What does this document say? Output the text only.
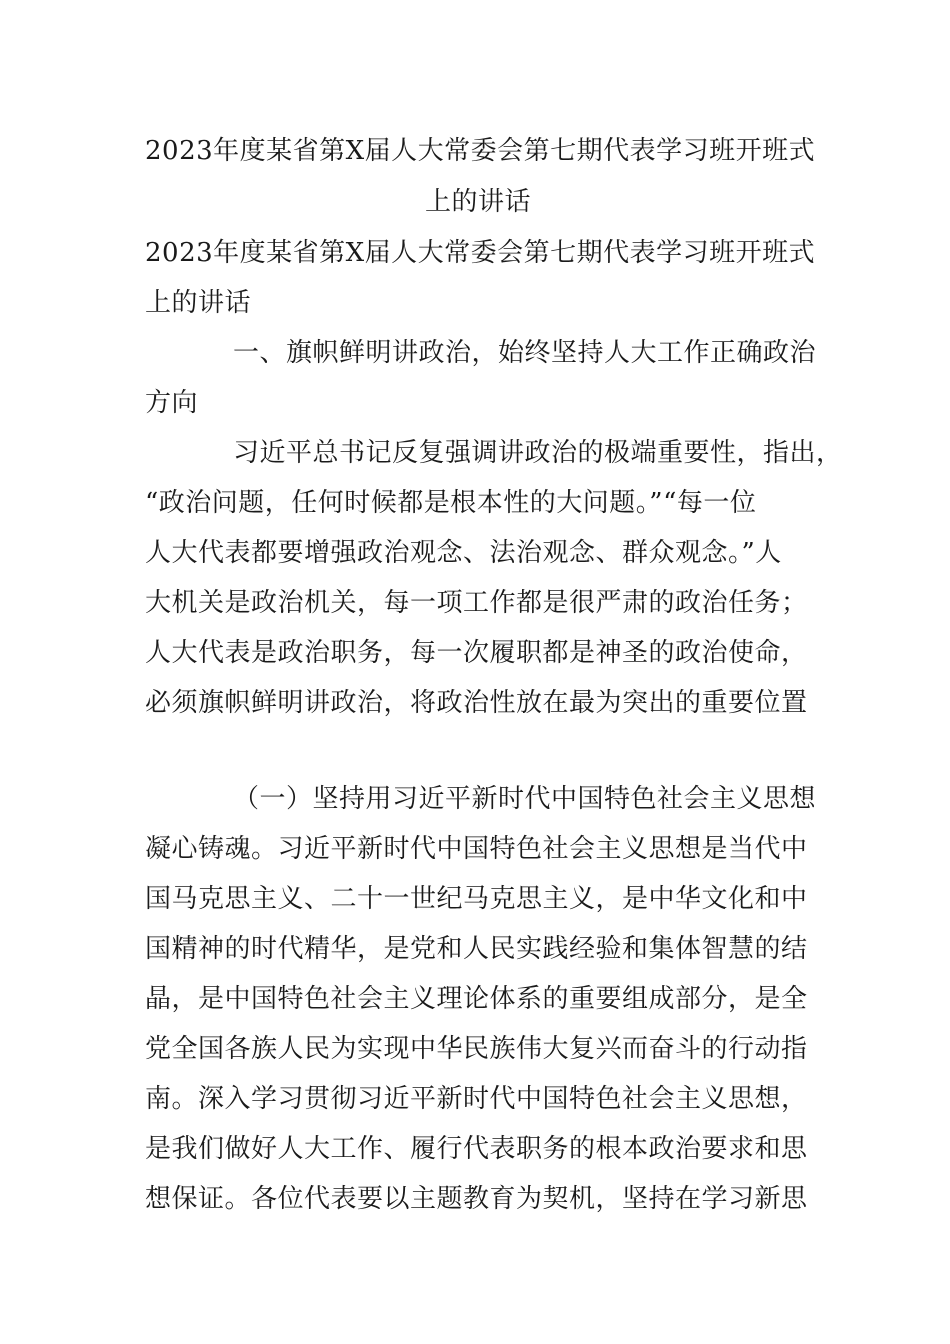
2023年度某省第X届人大常委会第七期代表学习班开班式
上的讲话
2023年度某省第X届人大常委会第七期代表学习班开班式
上的讲话
一、旗帜鲜明讲政治，始终坚持人大工作正确政治
方向
习近平总书记反复强调讲政治的极端重要性，指出，
“政治问题，任何时候都是根本性的大问题。”“每一位
人大代表都要增强政治观念、法治观念、群众观念。”人
大机关是政治机关，每一项工作都是很严肃的政治任务；
人大代表是政治职务，每一次履职都是神圣的政治使命，
必须旗帜鲜明讲政治，将政治性放在最为突出的重要位置
（一）坚持用习近平新时代中国特色社会主义思想
凝心铸魂。习近平新时代中国特色社会主义思想是当代中
国马克思主义、二十一世纪马克思主义，是中华文化和中
国精神的时代精华，是党和人民实践经验和集体智慧的结
晶，是中国特色社会主义理论体系的重要组成部分，是全
党全国各族人民为实现中华民族伟大复兴而奋斗的行动指
南。深入学习贯彻习近平新时代中国特色社会主义思想，
是我们做好人大工作、履行代表职务的根本政治要求和思
想保证。各位代表要以主题教育为契机，坚持在学习新思
